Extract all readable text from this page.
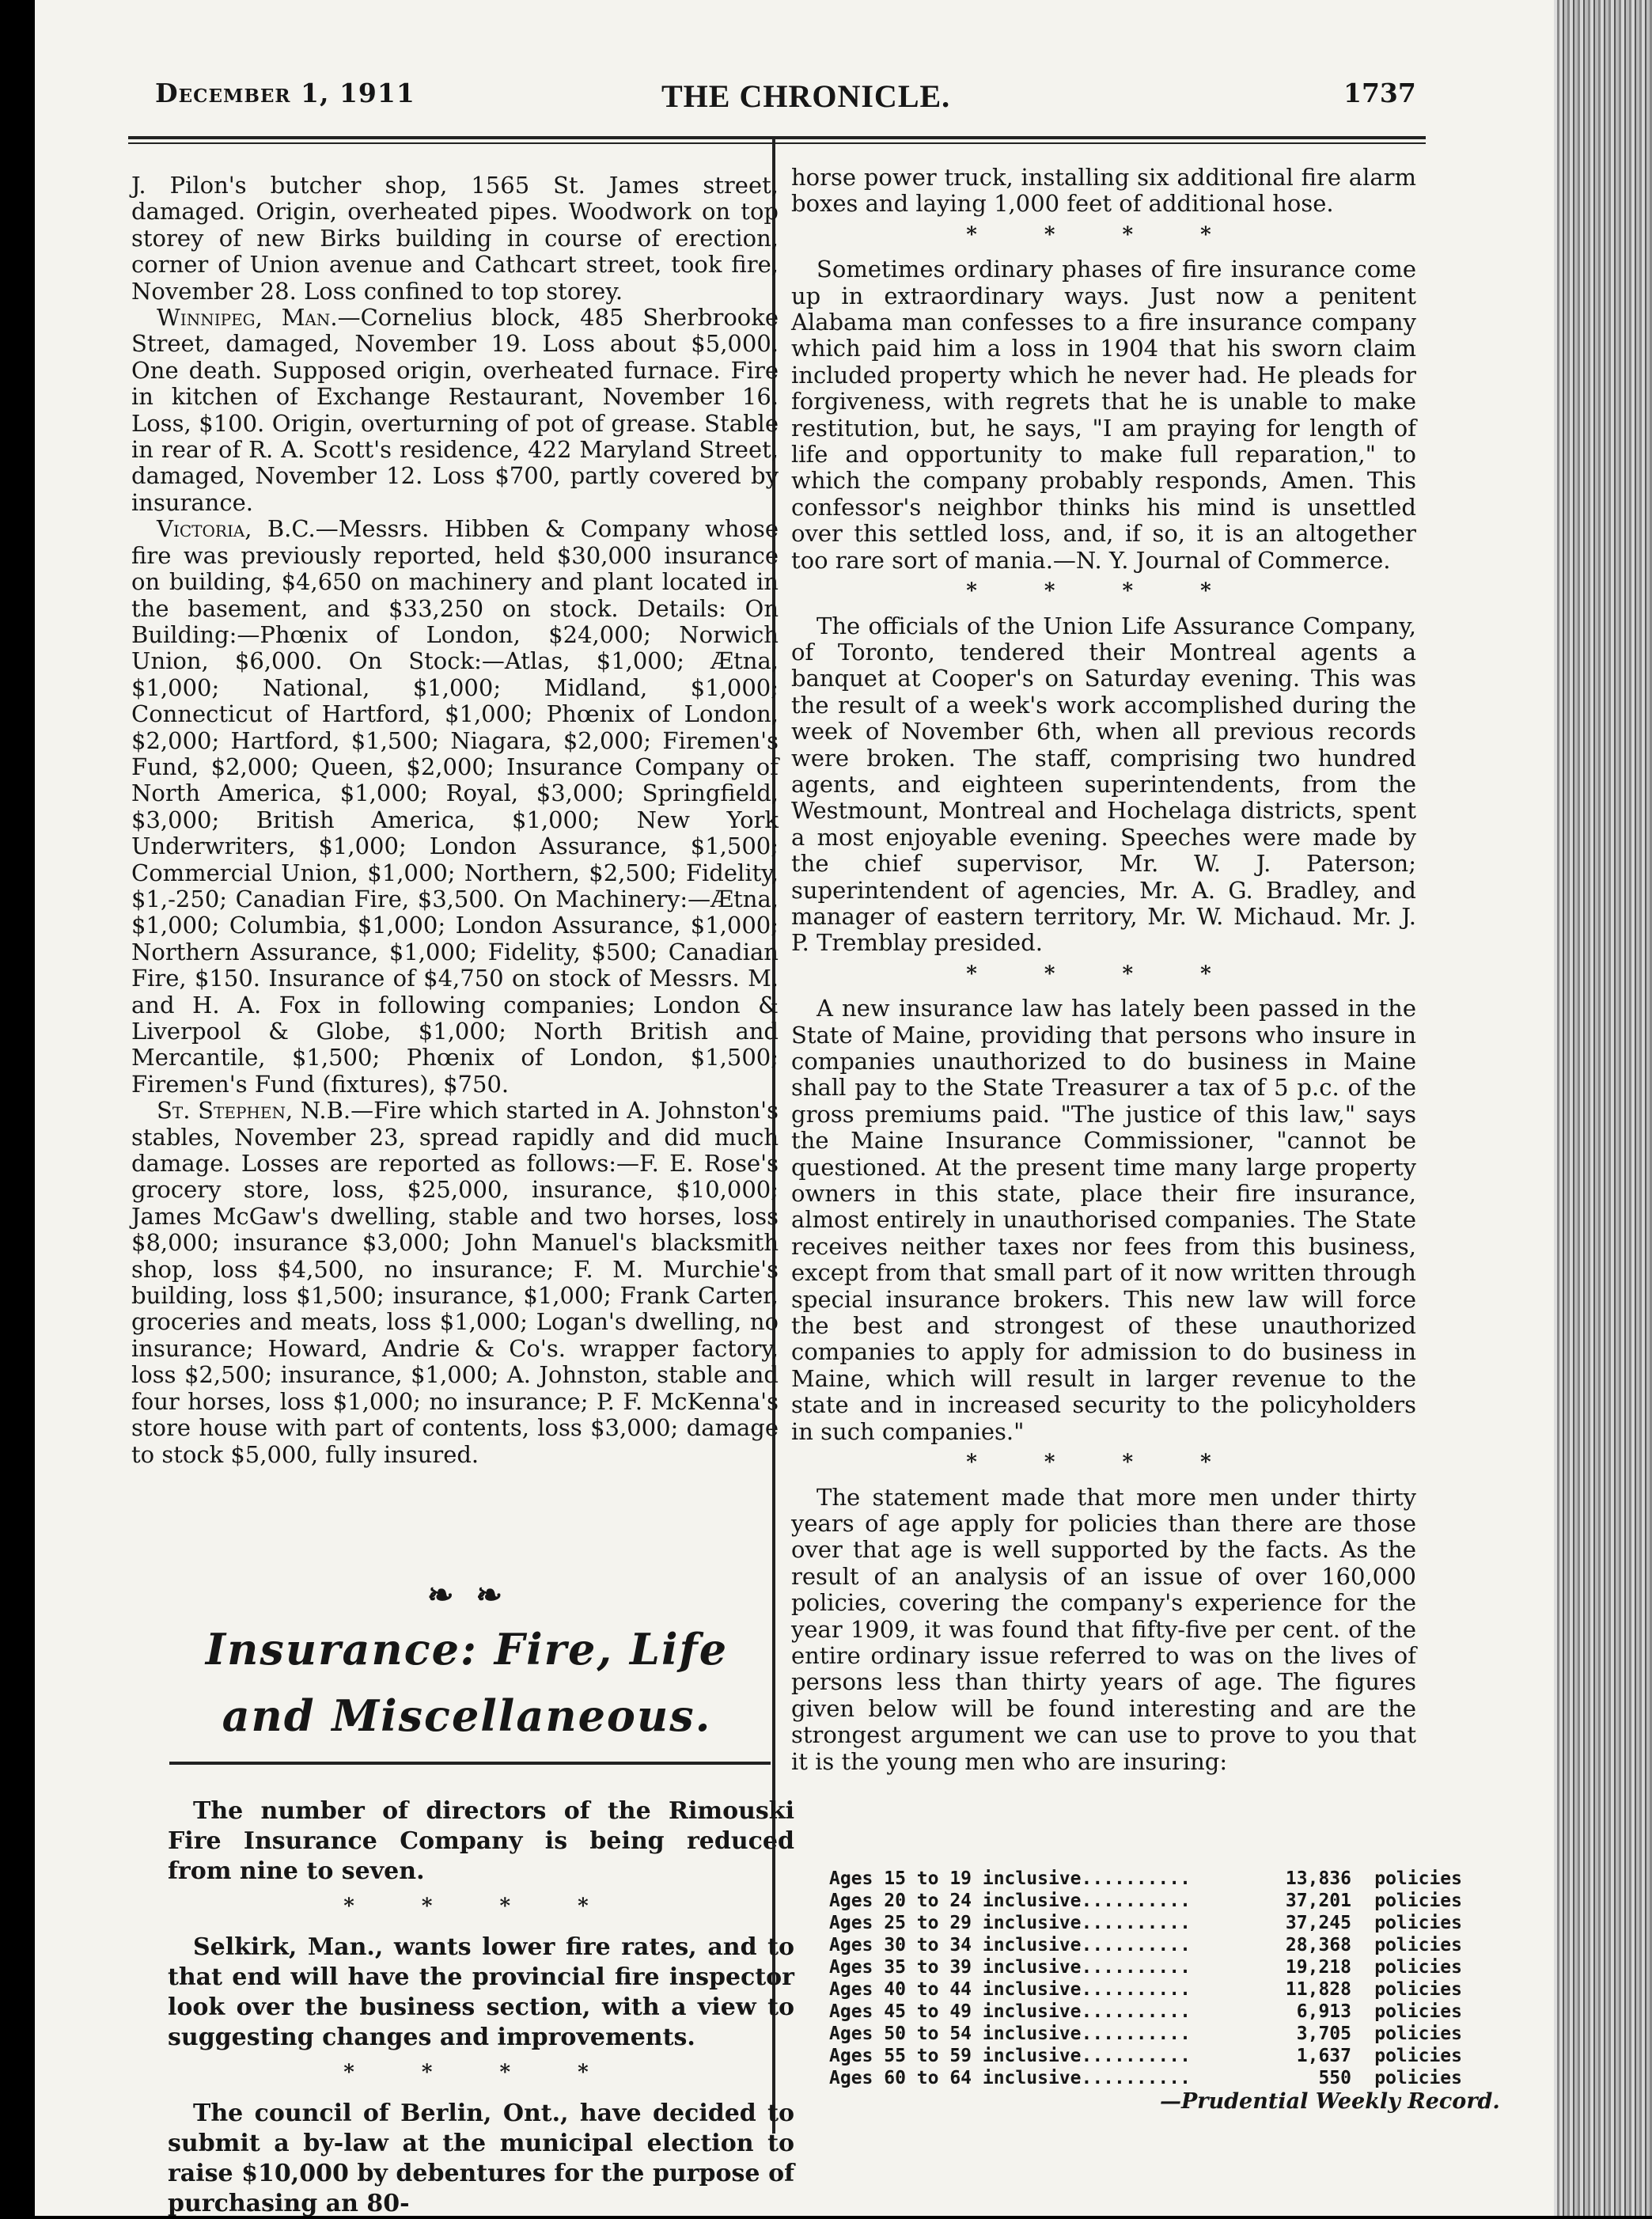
December 1, 1911	THE CHRONICLE.	1737

J. Pilon's butcher shop, 1565 St. James street, damaged. Origin, overheated pipes. Woodwork on top storey of new Birks building in course of erection, corner of Union avenue and Cathcart street, took fire, November 28. Loss confined to top storey.

Winnipeg, Man.—Cornelius block, 485 Sherbrooke Street, damaged, November 19. Loss about $5,000. One death. Supposed origin, overheated furnace. Fire in kitchen of Exchange Restaurant, November 16. Loss, $100. Origin, overturning of pot of grease. Stable in rear of R. A. Scott's residence, 422 Maryland Street, damaged, November 12. Loss $700, partly covered by insurance.

Victoria, B.C.—Messrs. Hibben & Company whose fire was previously reported, held $30,000 insurance on building, $4,650 on machinery and plant located in the basement, and $33,250 on stock. Details: On Building:—Phœnix of London, $24,000; Norwich Union, $6,000. On Stock:—Atlas, $1,000; Ætna, $1,000; National, $1,000; Midland, $1,000; Connecticut of Hartford, $1,000; Phœnix of London, $2,000; Hartford, $1,500; Niagara, $2,000; Firemen's Fund, $2,000; Queen, $2,000; Insurance Company of North America, $1,000; Royal, $3,000; Springfield, $3,000; British America, $1,000; New York Underwriters, $1,000; London Assurance, $1,500; Commercial Union, $1,000; Northern, $2,500; Fidelity, $1,-250; Canadian Fire, $3,500. On Machinery:—Ætna, $1,000; Columbia, $1,000; London Assurance, $1,000; Northern Assurance, $1,000; Fidelity, $500; Canadian Fire, $150. Insurance of $4,750 on stock of Messrs. M. and H. A. Fox in following companies; London & Liverpool & Globe, $1,000; North British and Mercantile, $1,500; Phœnix of London, $1,500; Firemen's Fund (fixtures), $750.

St. Stephen, N.B.—Fire which started in A. Johnston's stables, November 23, spread rapidly and did much damage. Losses are reported as follows:—F. E. Rose's grocery store, loss, $25,000, insurance, $10,000; James McGaw's dwelling, stable and two horses, loss $8,000; insurance $3,000; John Manuel's blacksmith shop, loss $4,500, no insurance; F. M. Murchie's building, loss $1,500; insurance, $1,000; Frank Carter, groceries and meats, loss $1,000; Logan's dwelling, no insurance; Howard, Andrie & Co's. wrapper factory, loss $2,500; insurance, $1,000; A. Johnston, stable and four horses, loss $1,000; no insurance; P. F. McKenna's store house with part of contents, loss $3,000; damage to stock $5,000, fully insured.

❧❧
Insurance: Fire, Life and Miscellaneous.

The number of directors of the Rimouski Fire Insurance Company is being reduced from nine to seven.

* * * *

Selkirk, Man., wants lower fire rates, and to that end will have the provincial fire inspector look over the business section, with a view to suggesting changes and improvements.

* * * *

The council of Berlin, Ont., have decided to submit a by-law at the municipal election to raise $10,000 by debentures for the purpose of purchasing an 80-

horse power truck, installing six additional fire alarm boxes and laying 1,000 feet of additional hose.

* * * *

Sometimes ordinary phases of fire insurance come up in extraordinary ways. Just now a penitent Alabama man confesses to a fire insurance company which paid him a loss in 1904 that his sworn claim included property which he never had. He pleads for forgiveness, with regrets that he is unable to make restitution, but, he says, "I am praying for length of life and opportunity to make full reparation," to which the company probably responds, Amen. This confessor's neighbor thinks his mind is unsettled over this settled loss, and, if so, it is an altogether too rare sort of mania.—N. Y. Journal of Commerce.

* * * *

The officials of the Union Life Assurance Company, of Toronto, tendered their Montreal agents a banquet at Cooper's on Saturday evening. This was the result of a week's work accomplished during the week of November 6th, when all previous records were broken. The staff, comprising two hundred agents, and eighteen superintendents, from the Westmount, Montreal and Hochelaga districts, spent a most enjoyable evening. Speeches were made by the chief supervisor, Mr. W. J. Paterson; superintendent of agencies, Mr. A. G. Bradley, and manager of eastern territory, Mr. W. Michaud. Mr. J. P. Tremblay presided.

* * * *

A new insurance law has lately been passed in the State of Maine, providing that persons who insure in companies unauthorized to do business in Maine shall pay to the State Treasurer a tax of 5 p.c. of the gross premiums paid. "The justice of this law," says the Maine Insurance Commissioner, "cannot be questioned. At the present time many large property owners in this state, place their fire insurance, almost entirely in unauthorised companies. The State receives neither taxes nor fees from this business, except from that small part of it now written through special insurance brokers. This new law will force the best and strongest of these unauthorized companies to apply for admission to do business in Maine, which will result in larger revenue to the state and in increased security to the policyholders in such companies."

* * * *

The statement made that more men under thirty years of age apply for policies than there are those over that age is well supported by the facts. As the result of an analysis of an issue of over 160,000 policies, covering the company's experience for the year 1909, it was found that fifty-five per cent. of the entire ordinary issue referred to was on the lives of persons less than thirty years of age. The figures given below will be found interesting and are the strongest argument we can use to prove to you that it is the young men who are insuring:

Ages 15 to 19 inclusive..........	13,836	policies
Ages 20 to 24 inclusive..........	37,201	policies
Ages 25 to 29 inclusive..........	37,245	policies
Ages 30 to 34 inclusive..........	28,368	policies
Ages 35 to 39 inclusive..........	19,218	policies
Ages 40 to 44 inclusive..........	11,828	policies
Ages 45 to 49 inclusive..........	6,913	policies
Ages 50 to 54 inclusive..........	3,705	policies
Ages 55 to 59 inclusive..........	1,637	policies
Ages 60 to 64 inclusive..........	550	policies
—Prudential Weekly Record.
